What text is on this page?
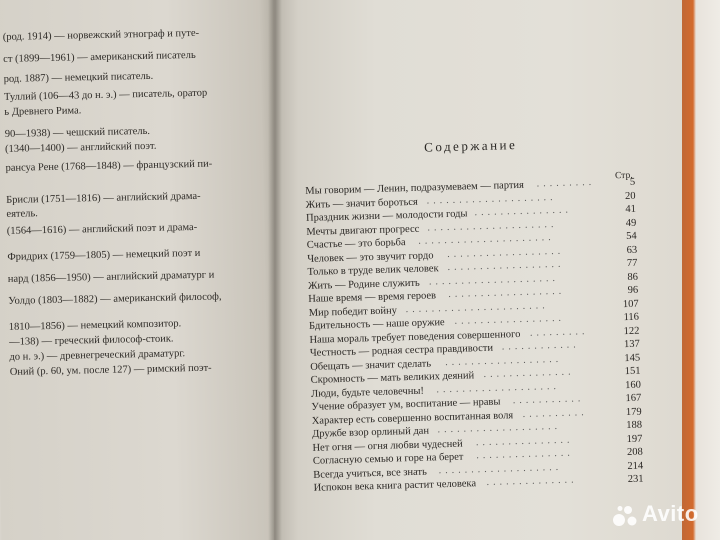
(род. 1914) — норвежский этнограф и путе-
ст (1899—1961) — американский писатель
род. 1887) — немецкий писатель.
Туллий (106—43 до н. э.) — писатель, оратор
ь Древнего Рима.
90—1938) — чешский писатель.
(1340—1400) — английский поэт.
рансуа Рене (1768—1848) — французский пи-
Брисли (1751—1816) — английский драма-
еятель.
(1564—1616) — английский поэт и драма-
Фридрих (1759—1805) — немецкий поэт и
нард (1856—1950) — английский драматург и
Уолдо (1803—1882) — американский философ,
1810—1856) — немецкий композитор.
—138) — греческий философ-стоик.
до н. э.) — древнегреческий драматург.
Оний (р. 60, ум. после 127) — римский поэт-
Содержание
Стр.
Мы говорим — Ленин, подразумеваем — партия .........	5
Жить — значит бороться ....................	20
Праздник жизни — молодости годы ...............	41
Мечты двигают прогресс ....................	49
Счастье — это борьба .....................	54
Человек — это звучит гордо ..................	63
Только в труде велик человек ..................	77
Жить — Родине служить ....................	86
Наше время — время героев ..................	96
Мир победит войну ......................	107
Бдительность — наше оружие .................	116
Наша мораль требует поведения совершенного .........	122
Честность — родная сестра правдивости ............	137
Обещать — значит сделать ..................	145
Скромность — мать великих деяний ..............	151
Люди, будьте человечны! ...................	160
Учение образует ум, воспитание — нравы ...........	167
Характер есть совершенно воспитанная воля ..........	179
Дружбе взор орлиный дан ...................	188
Нет огня — огня любви чудесней ...............	197
Согласную семью и горе на берет ...............	208
Всегда учиться, все знать ...................	214
Испокон века книга растит человека ..............	231
Avito
